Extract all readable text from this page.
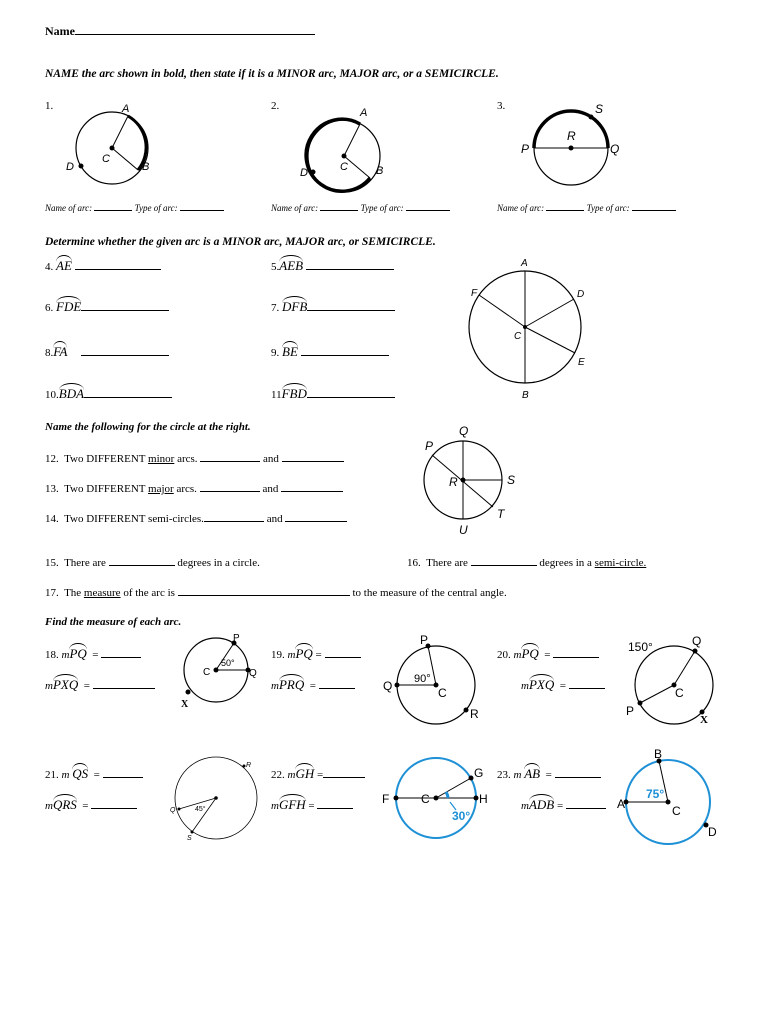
Name
NAME the arc shown in bold, then state if it is a MINOR arc, MAJOR arc, or a SEMICIRCLE.
1.	2.	3.
A
D
C
B
A
D	C	B
S
R
P	Q
Name of arc:	Type of arc:	Name of arc:	Type of arc:	Name of arc:	Type of arc:
Determine whether the given arc is a MINOR arc, MAJOR arc, or SEMICIRCLE.
4. AE	5.AEB
6. FDE	7. DFB
8.FA	9. BE
10.BDA	11FBD
A
F	D
C
E
B
Name the following for the circle at the right.
12. Two DIFFERENT minor arcs.	and
13. Two DIFFERENT major arcs.	and
14. Two DIFFERENT semi-circles.	and
Q
P
R	S
T
U
15. There are	degrees in a circle.	16. There are	degrees in a semi-circle.
17. The measure of the arc is	to the measure of the central angle.
Find the measure of each arc.
18. mPQ =
mPXQ =
19. mPQ =
mPRQ =
20. mPQ =
mPXQ =
50°
P
C	Q
X
90°
P
Q	C
R
150°	Q
C
P
X
21. m QS =
mQRS =
22. mGH =
mGFH =
23. m AB =
mADB =
45°
R
Q
S
30°
G
F	C	H	75°
B
A	C
D
